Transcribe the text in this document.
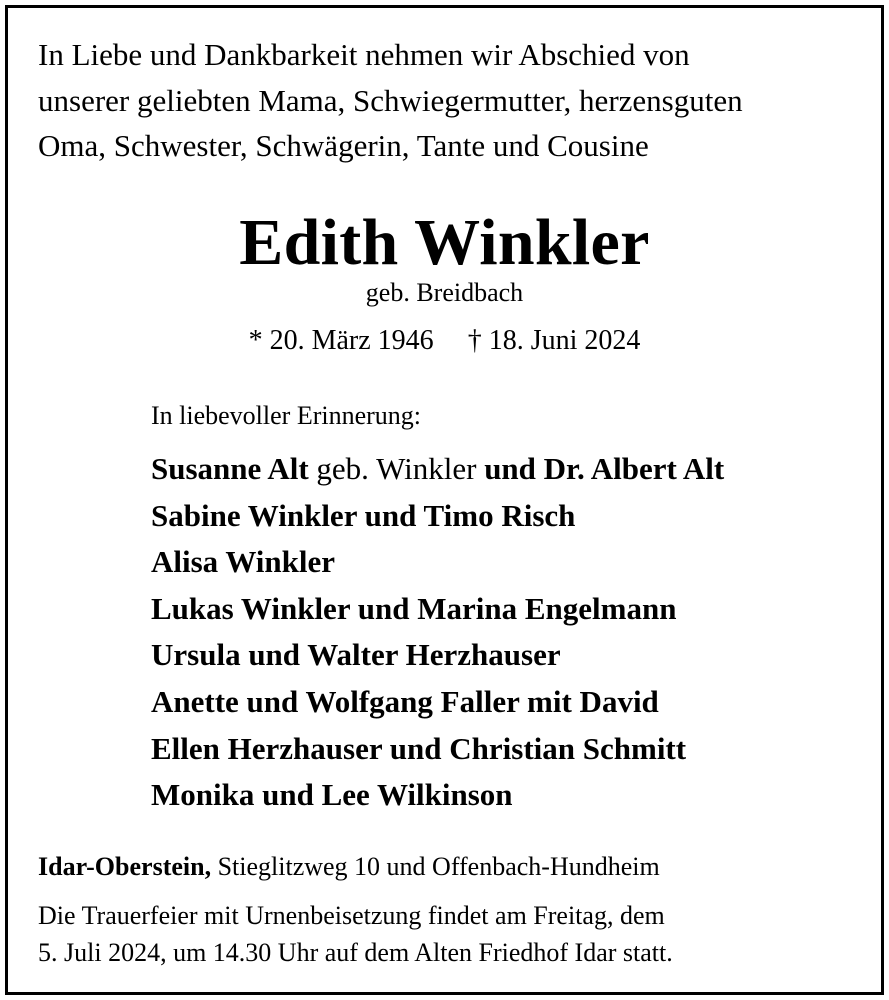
In Liebe und Dankbarkeit nehmen wir Abschied von
unserer geliebten Mama, Schwiegermutter, herzensguten
Oma, Schwester, Schwägerin, Tante und Cousine
Edith Winkler
geb. Breidbach
* 20. März 1946 † 18. Juni 2024
In liebevoller Erinnerung:
Susanne Alt geb. Winkler und Dr. Albert Alt
Sabine Winkler und Timo Risch
Alisa Winkler
Lukas Winkler und Marina Engelmann
Ursula und Walter Herzhauser
Anette und Wolfgang Faller mit David
Ellen Herzhauser und Christian Schmitt
Monika und Lee Wilkinson
Idar-Oberstein, Stieglitzweg 10 und Offenbach-Hundheim
Die Trauerfeier mit Urnenbeisetzung findet am Freitag, dem
5. Juli 2024, um 14.30 Uhr auf dem Alten Friedhof Idar statt.
